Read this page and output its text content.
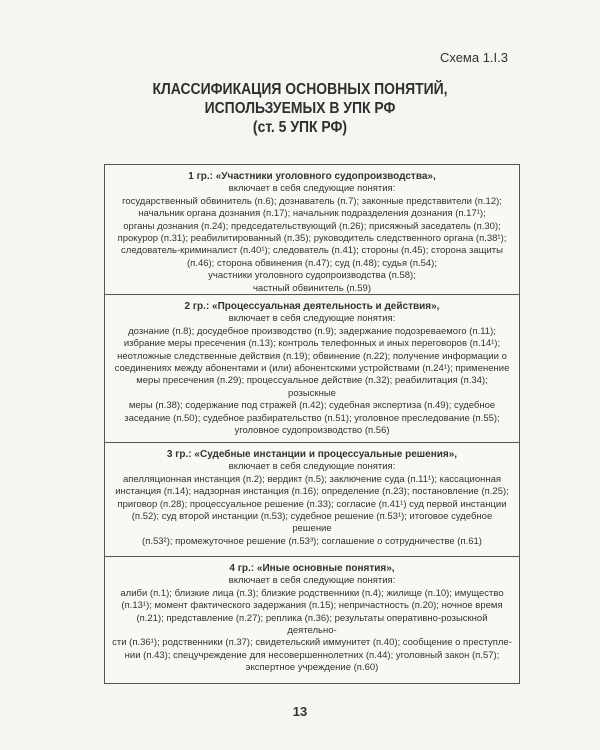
Схема 1.I.3
КЛАССИФИКАЦИЯ ОСНОВНЫХ ПОНЯТИЙ,
ИСПОЛЬЗУЕМЫХ В УПК РФ
(ст. 5 УПК РФ)
1 гр.: «Участники уголовного судопроизводства»,
включает в себя следующие понятия:
государственный обвинитель (п.6); дознаватель (п.7); законные представители (п.12);
начальник органа дознания (п.17); начальник подразделения дознания (п.17¹);
органы дознания (п.24); председательствующий (п.26); присяжный заседатель (п.30);
прокурор (п.31); реабилитированный (п.35); руководитель следственного органа (п.38¹);
следователь-криминалист (п.40¹); следователь (п.41); стороны (п.45); сторона защиты
(п.46); сторона обвинения (п.47); суд (п.48); судья (п.54);
участники уголовного судопроизводства (п.58);
частный обвинитель (п.59)
2 гр.: «Процессуальная деятельность и действия»,
включает в себя следующие понятия:
дознание (п.8); досудебное производство (п.9); задержание подозреваемого (п.11);
избрание меры пресечения (п.13); контроль телефонных и иных переговоров (п.14¹);
неотложные следственные действия (п.19); обвинение (п.22); получение информации о
соединениях между абонентами и (или) абонентскими устройствами (п.24¹); применение
меры пресечения (п.29); процессуальное действие (п.32); реабилитация (п.34); розыскные
меры (п.38); содержание под стражей (п.42); судебная экспертиза (п.49); судебное
заседание (п.50); судебное разбирательство (п.51); уголовное преследование (п.55);
уголовное судопроизводство (п.56)
3 гр.: «Судебные инстанции и процессуальные решения»,
включает в себя следующие понятия:
апелляционная инстанция (п.2); вердикт (п.5); заключение суда (п.11¹); кассационная
инстанция (п.14); надзорная инстанция (п.16); определение (п.23); постановление (п.25);
приговор (п.28); процессуальное решение (п.33); согласие (п.41¹) суд первой инстанции
(п.52); суд второй инстанции (п.53); судебное решение (п.53¹); итоговое судебное решение
(п.53²); промежуточное решение (п.53³); соглашение о сотрудничестве (п.61)
4 гр.: «Иные основные понятия»,
включает в себя следующие понятия:
алиби (п.1); близкие лица (п.3); близкие родственники (п.4); жилище (п.10); имущество
(п.13¹); момент фактического задержания (п.15); непричастность (п.20); ночное время
(п.21); представление (п.27); реплика (п.36); результаты оперативно-розыскной деятельно-
сти (п.36¹); родственники (п.37); свидетельский иммунитет (п.40); сообщение о преступле-
нии (п.43); спецучреждение для несовершеннолетних (п.44); уголовный закон (п.57);
экспертное учреждение (п.60)
13
